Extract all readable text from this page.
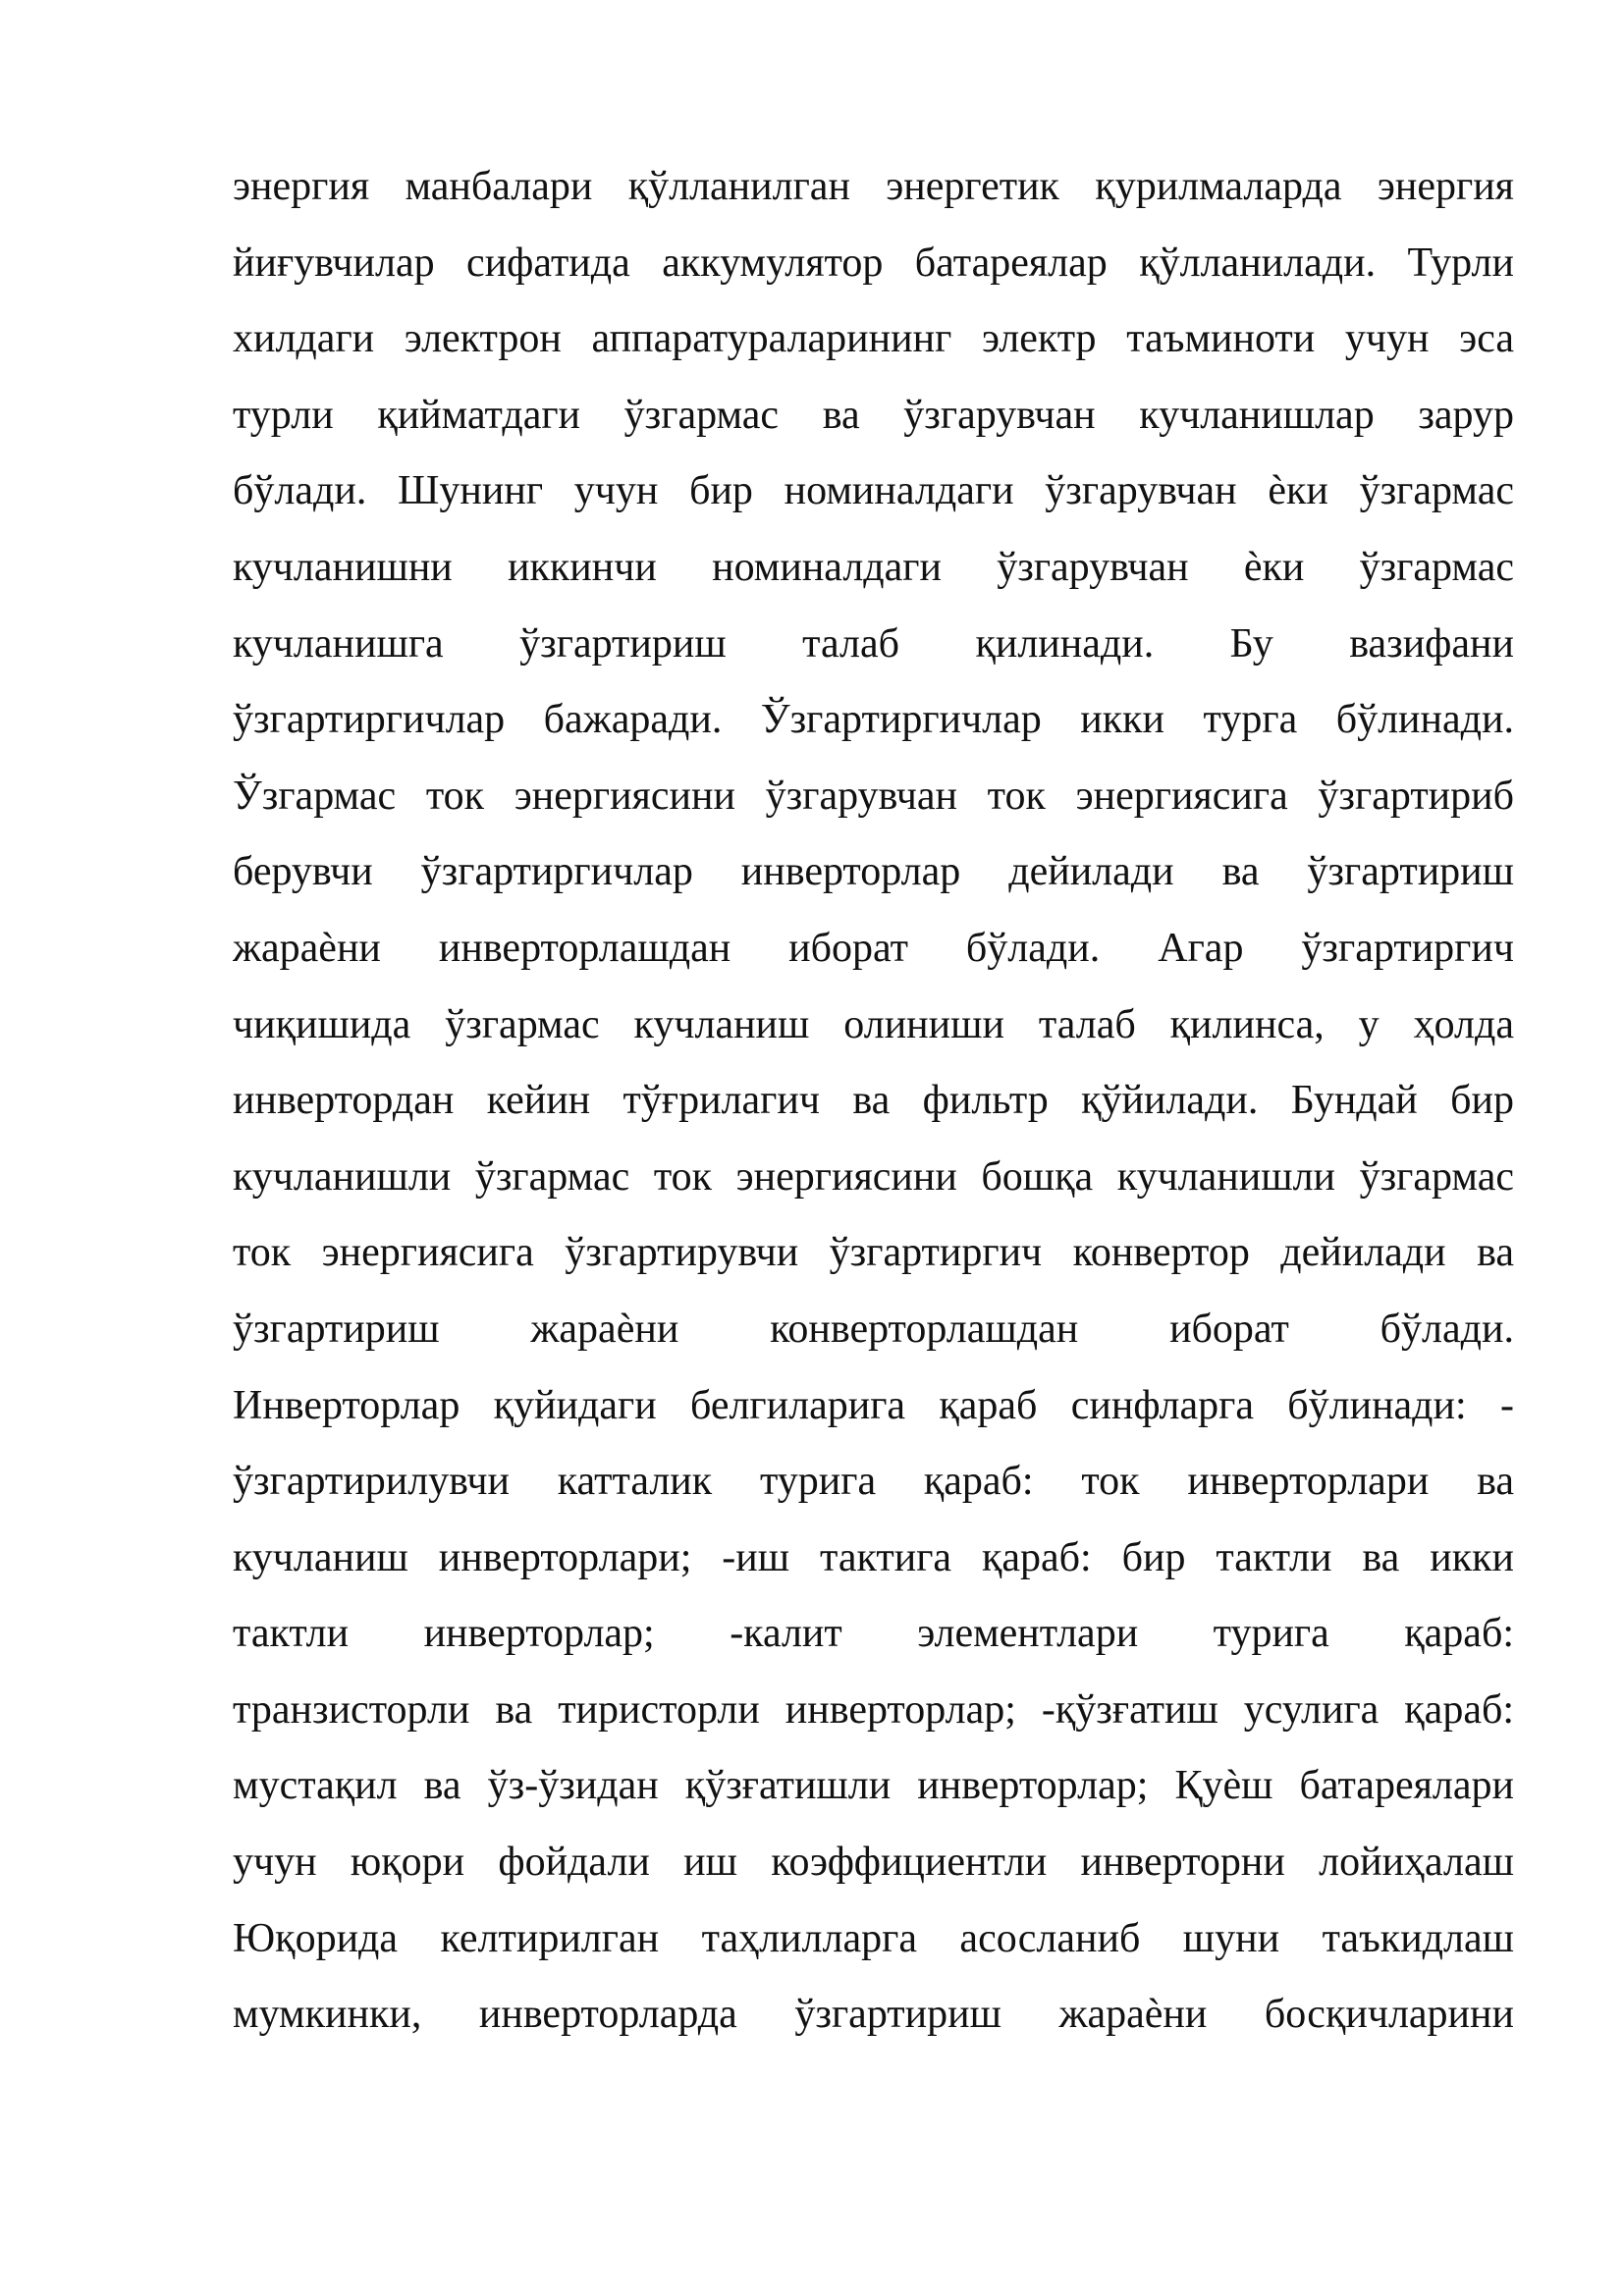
энергия манбалари қўлланилган энергетик қурилмаларда энергия
йиғувчилар сифатида аккумулятор батареялар қўлланилади. Турли
хилдаги электрон аппаратураларининг электр таъминоти учун эса
турли қийматдаги ўзгармас ва ўзгарувчан кучланишлар зарур
бўлади. Шунинг учун бир номиналдаги ўзгарувчан ѐки ўзгармас
кучланишни иккинчи номиналдаги ўзгарувчан ѐки ўзгармас
кучланишга ўзгартириш талаб қилинади. Бу вазифани
ўзгартиргичлар бажаради. Ўзгартиргичлар икки турга бўлинади.
Ўзгармас ток энергиясини ўзгарувчан ток энергиясига ўзгартириб
берувчи ўзгартиргичлар инверторлар дейилади ва ўзгартириш
жараѐни инверторлашдан иборат бўлади. Агар ўзгартиргич
чиқишида ўзгармас кучланиш олиниши талаб қилинса, у ҳолда
инвертордан кейин тўғрилагич ва фильтр қўйилади. Бундай бир
кучланишли ўзгармас ток энергиясини бошқа кучланишли ўзгармас
ток энергиясига ўзгартирувчи ўзгартиргич конвертор дейилади ва
ўзгартириш жараѐни конверторлашдан иборат бўлади.
Инверторлар қуйидаги белгиларига қараб синфларга бўлинади: -
ўзгартирилувчи катталик турига қараб: ток инверторлари ва
кучланиш инверторлари; -иш тактига қараб: бир тактли ва икки
тактли инверторлар; -калит элементлари турига қараб:
транзисторли ва тиристорли инверторлар; -қўзғатиш усулига қараб:
мустақил ва ўз-ўзидан қўзғатишли инверторлар; Қуѐш батареялари
учун юқори фойдали иш коэффициентли инверторни лойиҳалаш
Юқорида келтирилган таҳлилларга асосланиб шуни таъкидлаш
мумкинки, инверторларда ўзгартириш жараѐни босқичларини
